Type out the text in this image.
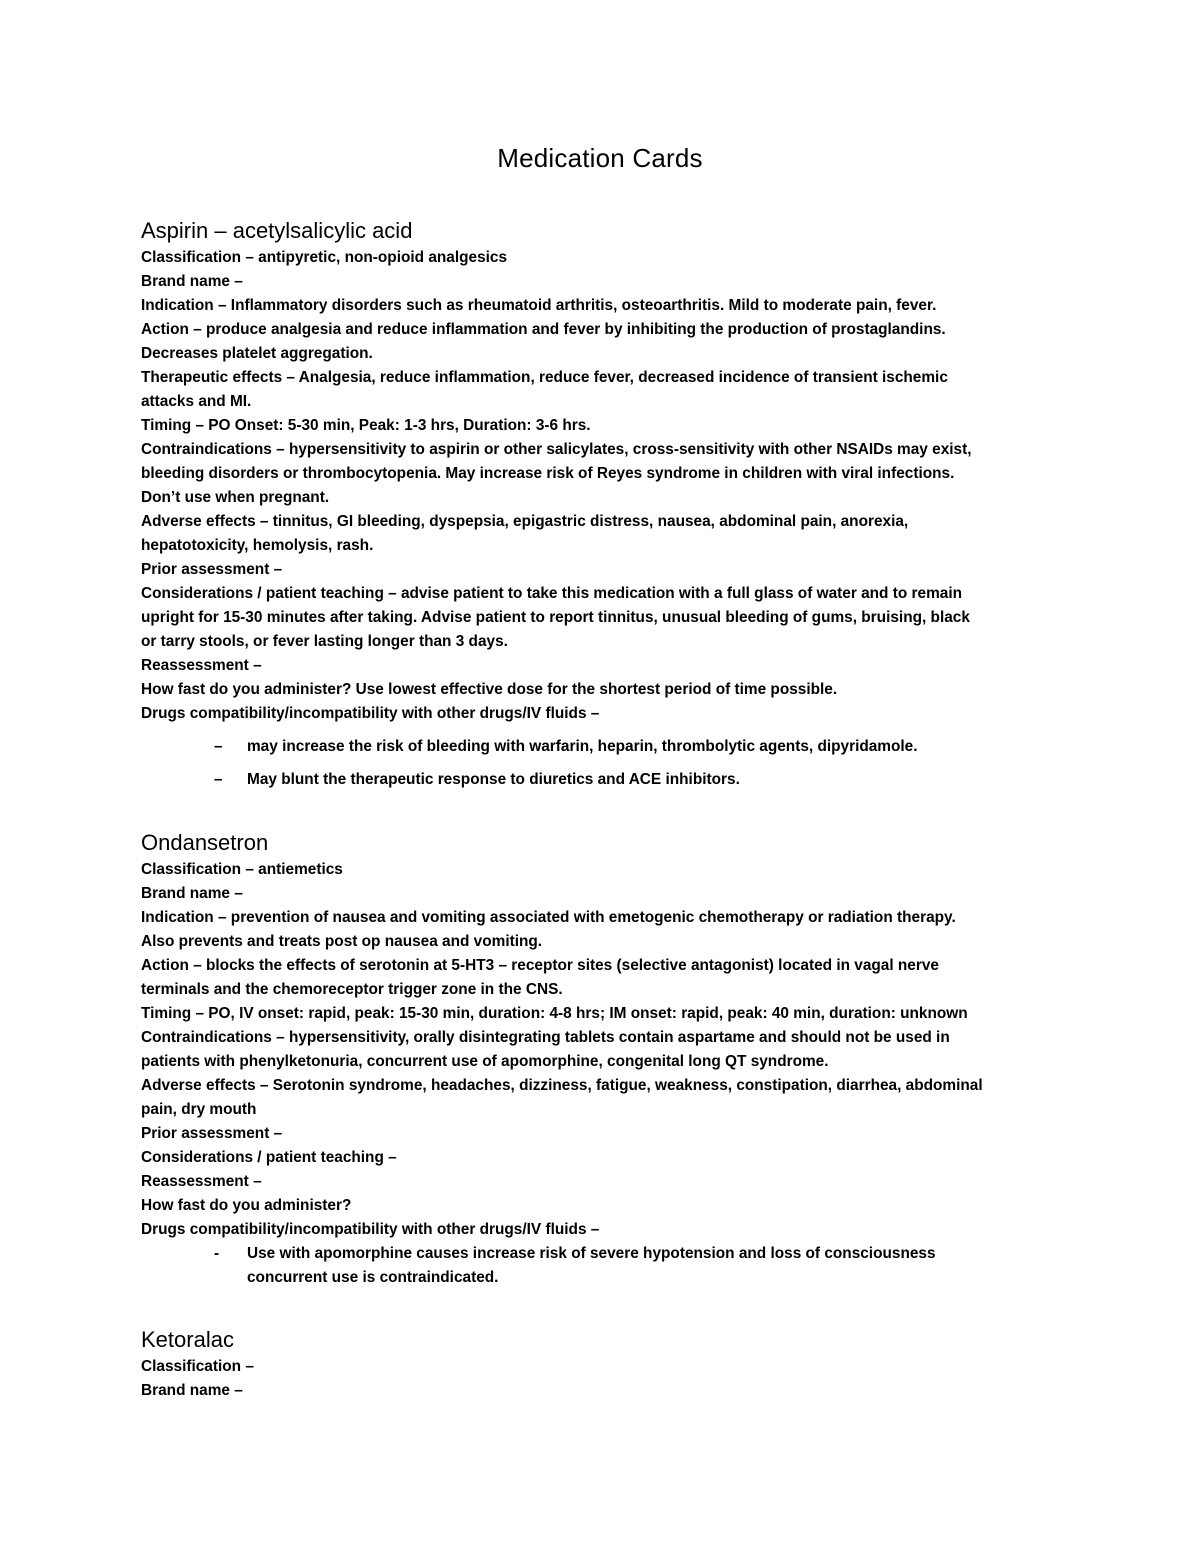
Medication Cards
Aspirin – acetylsalicylic acid
Classification – antipyretic, non-opioid analgesics
Brand name –
Indication – Inflammatory disorders such as rheumatoid arthritis, osteoarthritis. Mild to moderate pain, fever.
Action – produce analgesia and reduce inflammation and fever by inhibiting the production of prostaglandins.
Decreases platelet aggregation.
Therapeutic effects – Analgesia, reduce inflammation, reduce fever, decreased incidence of transient ischemic
attacks and MI.
Timing – PO Onset: 5-30 min, Peak: 1-3 hrs, Duration: 3-6 hrs.
Contraindications – hypersensitivity to aspirin or other salicylates, cross-sensitivity with other NSAIDs may exist,
bleeding disorders or thrombocytopenia. May increase risk of Reyes syndrome in children with viral infections.
Don’t use when pregnant.
Adverse effects – tinnitus, GI bleeding, dyspepsia, epigastric distress, nausea, abdominal pain, anorexia,
hepatotoxicity, hemolysis, rash.
Prior assessment –
Considerations / patient teaching – advise patient to take this medication with a full glass of water and to remain
upright for 15-30 minutes after taking. Advise patient to report tinnitus, unusual bleeding of gums, bruising, black
or tarry stools, or fever lasting longer than 3 days.
Reassessment –
How fast do you administer? Use lowest effective dose for the shortest period of time possible.
Drugs compatibility/incompatibility with other drugs/IV fluids –
– may increase the risk of bleeding with warfarin, heparin, thrombolytic agents, dipyridamole.
– May blunt the therapeutic response to diuretics and ACE inhibitors.
Ondansetron
Classification – antiemetics
Brand name –
Indication – prevention of nausea and vomiting associated with emetogenic chemotherapy or radiation therapy.
Also prevents and treats post op nausea and vomiting.
Action – blocks the effects of serotonin at 5-HT3 – receptor sites (selective antagonist) located in vagal nerve
terminals and the chemoreceptor trigger zone in the CNS.
Timing – PO, IV onset: rapid, peak: 15-30 min, duration: 4-8 hrs; IM onset: rapid, peak: 40 min, duration: unknown
Contraindications – hypersensitivity, orally disintegrating tablets contain aspartame and should not be used in
patients with phenylketonuria, concurrent use of apomorphine, congenital long QT syndrome.
Adverse effects – Serotonin syndrome, headaches, dizziness, fatigue, weakness, constipation, diarrhea, abdominal
pain, dry mouth
Prior assessment –
Considerations / patient teaching –
Reassessment –
How fast do you administer?
Drugs compatibility/incompatibility with other drugs/IV fluids –
- Use with apomorphine causes increase risk of severe hypotension and loss of consciousness
concurrent use is contraindicated.
Ketoralac
Classification –
Brand name –
